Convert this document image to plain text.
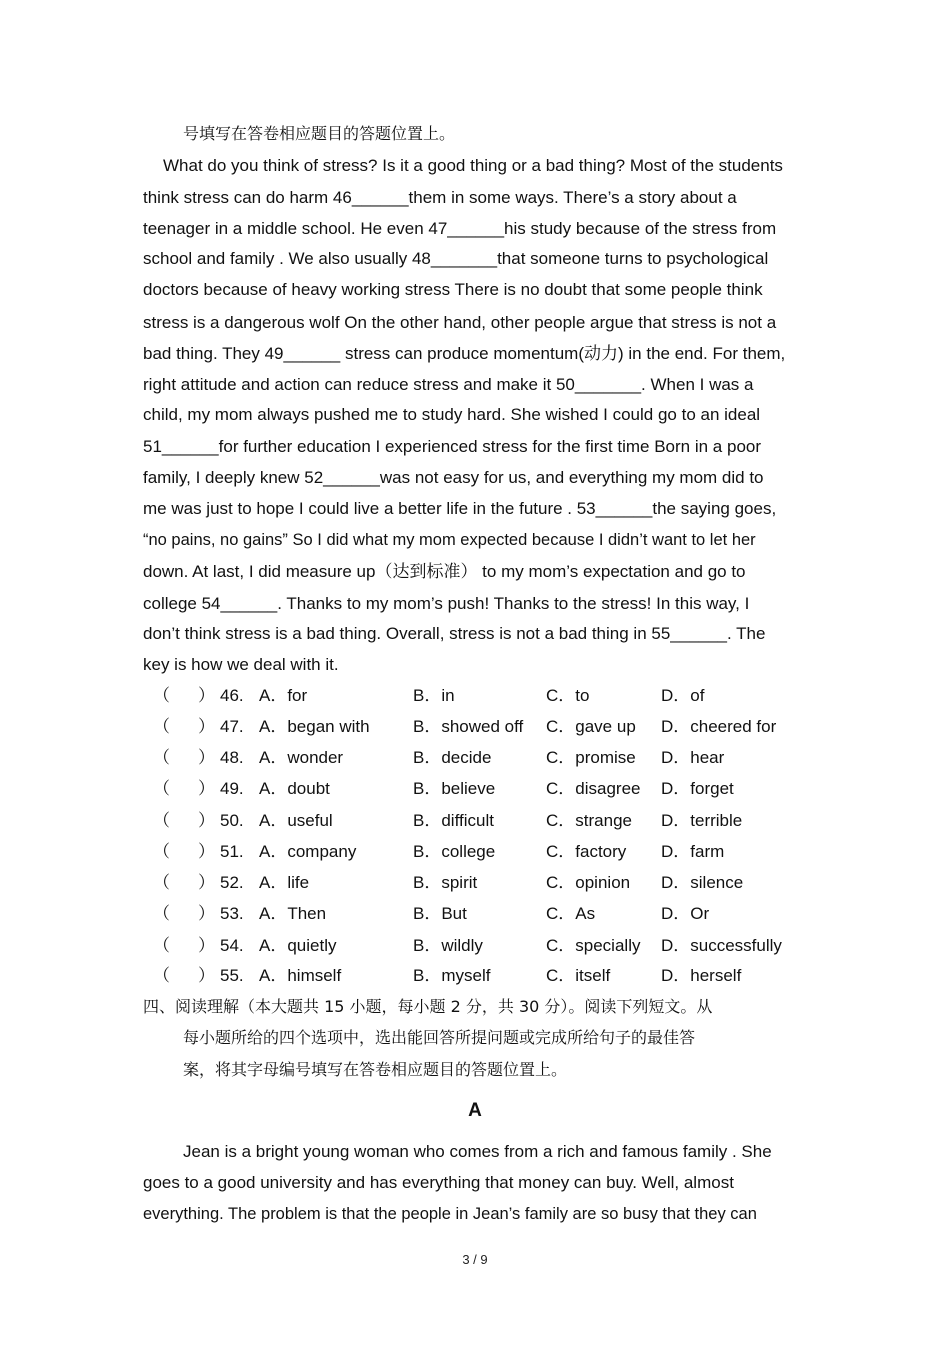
号填写在答卷相应题目的答题位置上。
What do you think of stress? Is it a good thing or a bad thing? Most of the students
think stress can do harm 46______them in some ways. There’s a story about a
teenager in a middle school. He even 47______his study because of the stress from
school and family . We also usually 48_______that someone turns to psychological
doctors because of heavy working stress There is no doubt that some people think
stress is a dangerous wolf On the other hand, other people argue that stress is not a
bad thing. They 49______ stress can produce momentum(动力) in the end. For them,
right attitude and action can reduce stress and make it 50_______. When I was a
child, my mom always pushed me to study hard. She wished I could go to an ideal
51______for further education I experienced stress for the first time Born in a poor
family, I deeply knew 52______was not easy for us, and everything my mom did to
me was just to hope I could live a better life in the future . 53______the saying goes,
“no pains, no gains” So I did what my mom expected because I didn’t want to let her
down. At last, I did measure up（达到标准） to my mom’s expectation and go to
college 54______. Thanks to my mom’s push! Thanks to the stress! In this way, I
don’t think stress is a bad thing. Overall, stress is not a bad thing in 55______. The
key is how we deal with it.
（ ） 46. A．for	B．in	C．to	D．of
（ ） 47. A．began with	B．showed off C．gave up D．cheered for
（ ） 48. A．wonder	B．decide	C．promise D．hear
（ ） 49. A．doubt	B．believe	C．disagree D．forget
（ ） 50. A．useful	B．difficult	C．strange D．terrible
（ ） 51. A．company	B．college	C．factory D．farm
（ ） 52. A．life	B．spirit	C．opinion D．silence
（ ） 53. A．Then	B．But	C．As	D．Or
（ ） 54. A．quietly	B．wildly	C．specially D．successfully
（ ） 55. A．himself	B．myself	C．itself	D．herself
四、阅读理解（本大题共 15 小题，每小题 2 分，共 30 分）。阅读下列短文。从
每小题所给的四个选项中，选出能回答所提问题或完成所给句子的最佳答
案，将其字母编号填写在答卷相应题目的答题位置上。
A
Jean is a bright young woman who comes from a rich and famous family . She
goes to a good university and has everything that money can buy. Well, almost
everything. The problem is that the people in Jean’s family are so busy that they can
3 / 9
